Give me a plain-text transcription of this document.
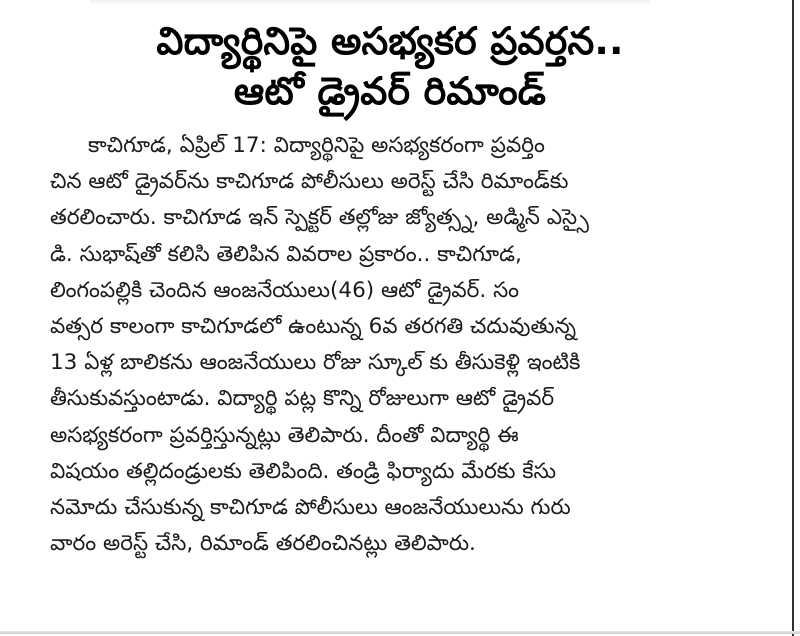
విద్యార్థినిపై అసభ్యకర ప్రవర్తన..
ఆటో డ్రైవర్ రిమాండ్
కాచిగూడ, ఏప్రిల్ 17: విద్యార్థినిపై అసభ్యకరంగా ప్రవర్తిం
చిన ఆటో డ్రైవర్‌ను కాచిగూడ పోలీసులు అరెస్ట్ చేసి రిమాండ్‌కు
తరలించారు. కాచిగూడ ఇన్ స్పెక్టర్ తల్లోజు జ్యోత్స్న, అడ్మిన్ ఎస్సై
డి. సుభాష్‌తో కలిసి తెలిపిన వివరాల ప్రకారం.. కాచిగూడ,
లింగంపల్లికి చెందిన ఆంజనేయులు(46) ఆటో డ్రైవర్. సం
వత్సర కాలంగా కాచిగూడలో ఉంటున్న 6వ తరగతి చదువుతున్న
13 ఏళ్ల బాలికను ఆంజనేయులు రోజు స్కూల్ కు తీసుకెళ్లి ఇంటికి
తీసుకువస్తుంటాడు. విద్యార్థి పట్ల కొన్ని రోజులుగా ఆటో డ్రైవర్
అసభ్యకరంగా ప్రవర్తిస్తున్నట్లు తెలిపారు. దీంతో విద్యార్థి ఈ
విషయం తల్లిదండ్రులకు తెలిపింది. తండ్రి ఫిర్యాదు మేరకు కేసు
నమోదు చేసుకున్న కాచిగూడ పోలీసులు ఆంజనేయులును గురు
వారం అరెస్ట్ చేసి, రిమాండ్ తరలించినట్లు తెలిపారు.
